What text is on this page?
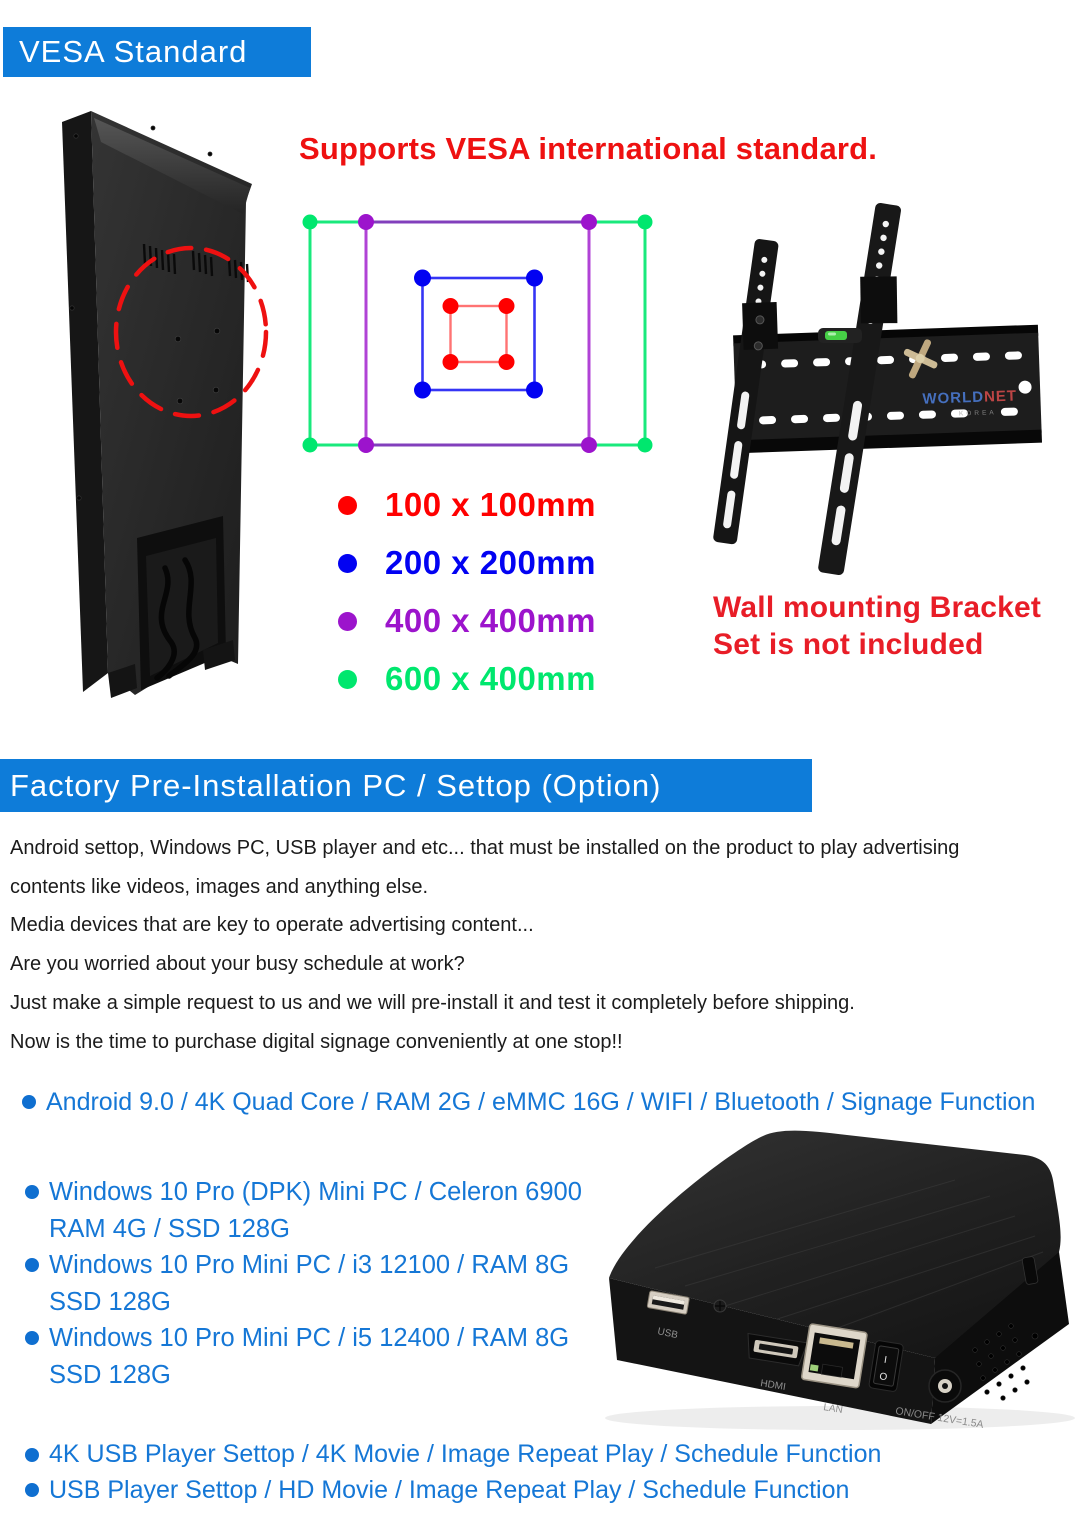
VESA Standard
Supports VESA international standard.
100 x 100mm
200 x 200mm
400 x 400mm
600 x 400mm
WORLDNET
KOREA
Wall mounting Bracket
Set is not included
Factory Pre-Installation PC / Settop (Option)
Android settop, Windows PC, USB player and etc... that must be installed on the product to play advertising
contents like videos, images and anything else.
Media devices that are key to operate advertising content...
Are you worried about your busy schedule at work?
Just make a simple request to us and we will pre-install it and test it completely before shipping.
Now is the time to purchase digital signage conveniently at one stop!!
Android 9.0 / 4K Quad Core / RAM 2G / eMMC 16G / WIFI / Bluetooth / Signage Function
Windows 10 Pro (DPK) Mini PC / Celeron 6900
RAM 4G / SSD 128G
Windows 10 Pro Mini PC / i3 12100 / RAM 8G
SSD 128G
Windows 10 Pro Mini PC / i5 12400 / RAM 8G
SSD 128G
USB
HDMI
LAN
I
O
ON/OFF 12V=1.5A
4K USB Player Settop / 4K Movie / Image Repeat Play / Schedule Function
USB Player Settop / HD Movie / Image Repeat Play / Schedule Function
